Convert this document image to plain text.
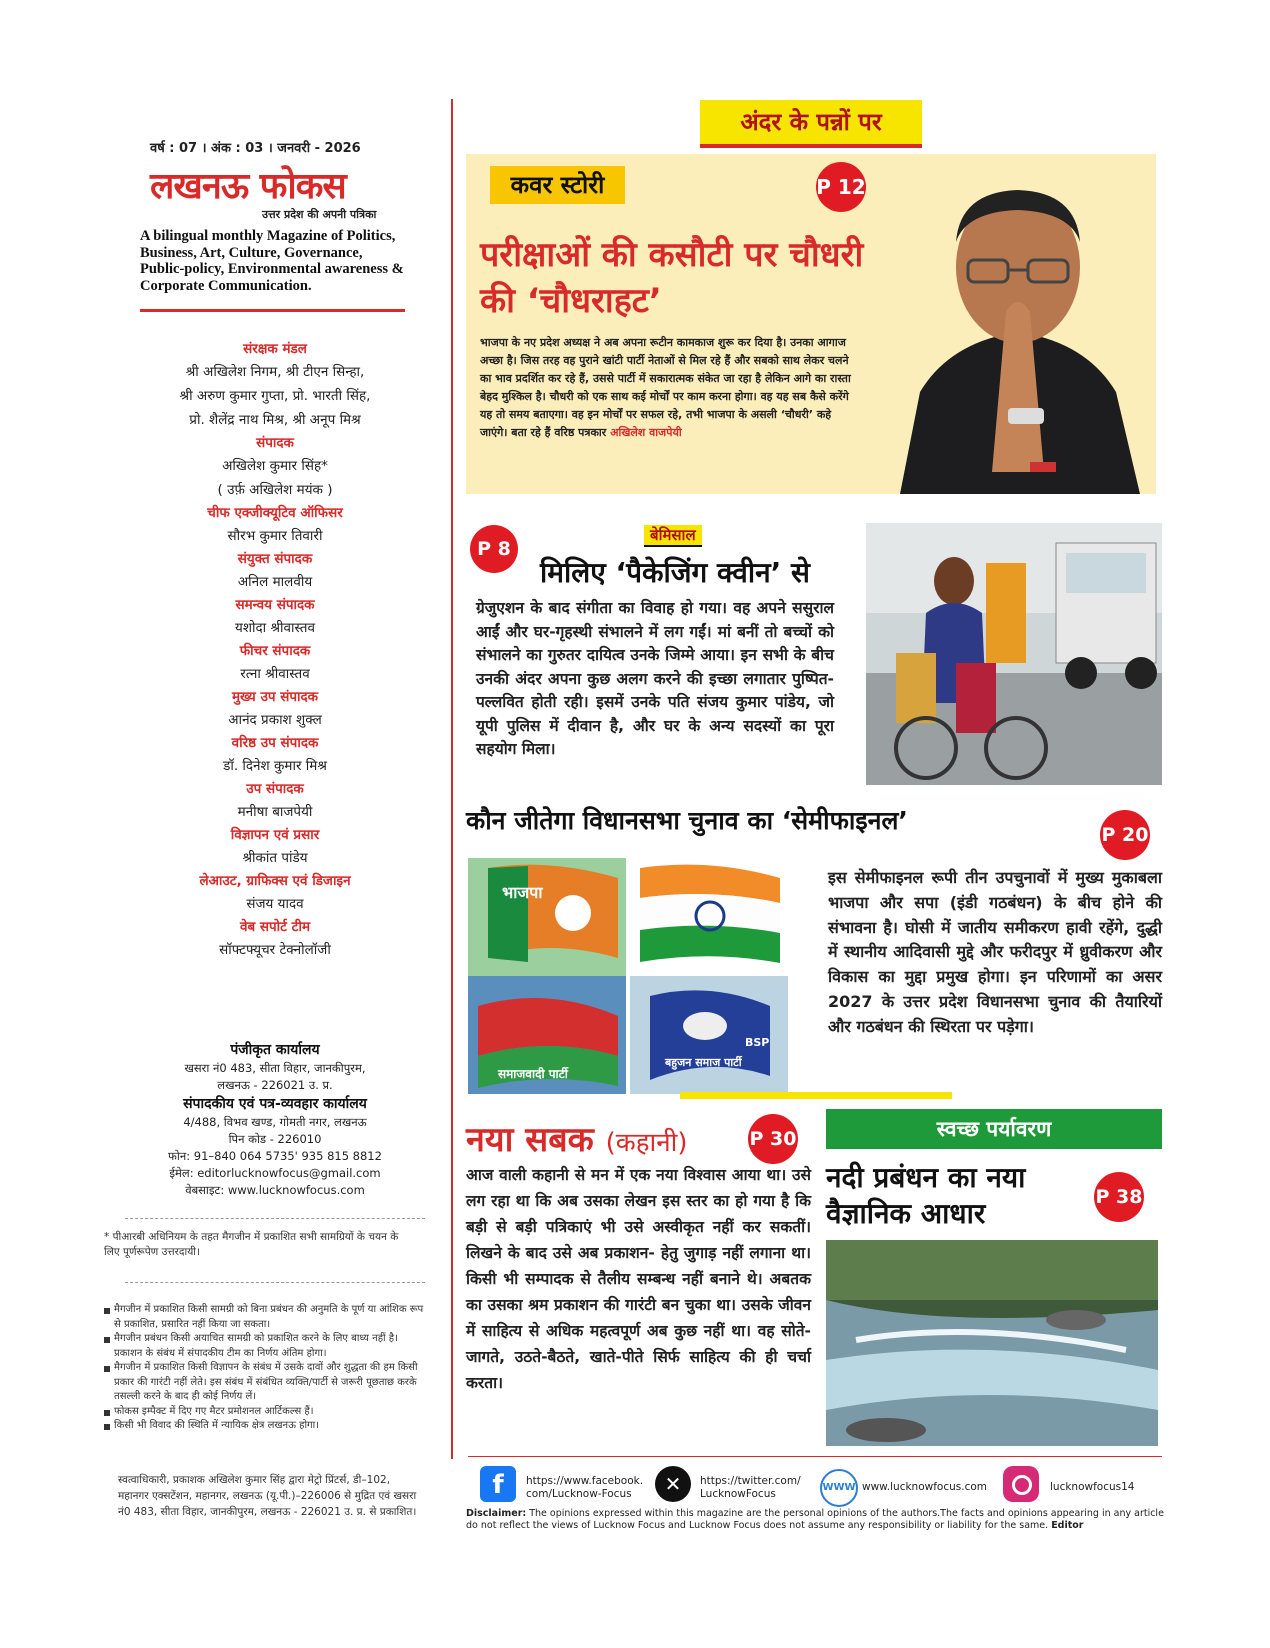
वर्ष : 07 । अंक : 03 । जनवरी - 2026
लखनऊ फोकस
उत्तर प्रदेश की अपनी पत्रिका
A bilingual monthly Magazine of Politics, Business, Art, Culture, Governance, Public-policy, Environmental awareness & Corporate Communication.
संरक्षक मंडल
श्री अखिलेश निगम, श्री टीएन सिन्हा,
श्री अरुण कुमार गुप्ता, प्रो. भारती सिंह,
प्रो. शैलेंद्र नाथ मिश्र, श्री अनूप मिश्र
संपादक
अखिलेश कुमार सिंह*
( उर्फ़ अखिलेश मयंक )
चीफ एक्जीक्यूटिव ऑफिसर
सौरभ कुमार तिवारी
संयुक्त संपादक
अनिल मालवीय
समन्वय संपादक
यशोदा श्रीवास्तव
फीचर संपादक
रत्ना श्रीवास्तव
मुख्य उप संपादक
आनंद प्रकाश शुक्ल
वरिष्ठ उप संपादक
डॉ. दिनेश कुमार मिश्र
उप संपादक
मनीषा बाजपेयी
विज्ञापन एवं प्रसार
श्रीकांत पांडेय
लेआउट, ग्राफिक्स एवं डिजाइन
संजय यादव
वेब सपोर्ट टीम
सॉफ्टफ्यूचर टेक्नोलॉजी
पंजीकृत कार्यालय
खसरा नं0 483, सीता विहार, जानकीपुरम,
लखनऊ - 226021 उ. प्र.
संपादकीय एवं पत्र-व्यवहार कार्यालय
4/488, विभव खण्ड, गोमती नगर, लखनऊ
पिन कोड - 226010
फोन: 91–840 064 5735' 935 815 8812
ईमेल: editorlucknowfocus@gmail.com
वेबसाइट: www.lucknowfocus.com
* पीआरबी अधिनियम के तहत मैगजीन में प्रकाशित सभी सामग्रियों के चयन के लिए पूर्णरूपेण उत्तरदायी।
मैगजीन में प्रकाशित किसी सामग्री को बिना प्रबंधन की अनुमति के पूर्ण या आंशिक रूप से प्रकाशित, प्रसारित नहीं किया जा सकता।
मैगजीन प्रबंधन किसी अयाचित सामग्री को प्रकाशित करने के लिए बाध्य नहीं है। प्रकाशन के संबंध में संपादकीय टीम का निर्णय अंतिम होगा।
मैगजीन में प्रकाशित किसी विज्ञापन के संबंध में उसके दावों और शुद्धता की हम किसी प्रकार की गारंटी नहीं लेते। इस संबंध में संबंधित व्यक्ति/पार्टी से जरूरी पूछताछ करके तसल्ली करने के बाद ही कोई निर्णय लें।
फोकस इम्पैक्ट में दिए गए मैटर प्रमोशनल आर्टिकल्स हैं।
किसी भी विवाद की स्थिति में न्यायिक क्षेत्र लखनऊ होगा।
स्वत्वाधिकारी, प्रकाशक अखिलेश कुमार सिंह द्वारा मेट्रो प्रिंटर्स, डी–102, महानगर एक्सटेंशन, महानगर, लखनऊ (यू.पी.)–226006 से मुद्रित एवं खसरा नं0 483, सीता विहार, जानकीपुरम, लखनऊ - 226021 उ. प्र. से प्रकाशित।
अंदर के पन्नों पर
कवर स्टोरी	P 12
परीक्षाओं की कसौटी पर चौधरी की ‘चौधराहट’
भाजपा के नए प्रदेश अध्यक्ष ने अब अपना रूटीन कामकाज शुरू कर दिया है। उनका आगाज अच्छा है। जिस तरह वह पुराने खांटी पार्टी नेताओं से मिल रहे हैं और सबको साथ लेकर चलने का भाव प्रदर्शित कर रहे हैं, उससे पार्टी में सकारात्मक संकेत जा रहा है लेकिन आगे का रास्ता बेहद मुश्किल है। चौधरी को एक साथ कई मोर्चों पर काम करना होगा। वह यह सब कैसे करेंगे यह तो समय बताएगा। वह इन मोर्चों पर सफल रहे, तभी भाजपा के असली ‘चौधरी’ कहे जाएंगे। बता रहे हैं वरिष्ठ पत्रकार अखिलेश वाजपेयी
बेमिसाल
P 8
मिलिए ‘पैकेजिंग क्वीन’ से
ग्रेजुएशन के बाद संगीता का विवाह हो गया। वह अपने ससुराल आईं और घर-गृहस्थी संभालने में लग गईं। मां बनीं तो बच्चों को संभालने का गुरुतर दायित्व उनके जिम्मे आया। इन सभी के बीच उनकी अंदर अपना कुछ अलग करने की इच्छा लगातार पुष्पित-पल्लवित होती रही। इसमें उनके पति संजय कुमार पांडेय, जो यूपी पुलिस में दीवान है, और घर के अन्य सदस्यों का पूरा सहयोग मिला।
कौन जीतेगा विधानसभा चुनाव का ‘सेमीफाइनल’	P 20
भाजपा
समाजवादी पार्टी
BSP
बहुजन समाज पार्टी
इस सेमीफाइनल रूपी तीन उपचुनावों में मुख्य मुकाबला भाजपा और सपा (इंडी गठबंधन) के बीच होने की संभावना है। घोसी में जातीय समीकरण हावी रहेंगे, दुद्धी में स्थानीय आदिवासी मुद्दे और फरीदपुर में ध्रुवीकरण और विकास का मुद्दा प्रमुख होगा। इन परिणामों का असर 2027 के उत्तर प्रदेश विधानसभा चुनाव की तैयारियों और गठबंधन की स्थिरता पर पड़ेगा।
नया सबक (कहानी)	P 30
आज वाली कहानी से मन में एक नया विश्वास आया था। उसे लग रहा था कि अब उसका लेखन इस स्तर का हो गया है कि बड़ी से बड़ी पत्रिकाएं भी उसे अस्वीकृत नहीं कर सकतीं। लिखने के बाद उसे अब प्रकाशन- हेतु जुगाड़ नहीं लगाना था। किसी भी सम्पादक से तैलीय सम्बन्ध नहीं बनाने थे। अबतक का उसका श्रम प्रकाशन की गारंटी बन चुका था। उसके जीवन में साहित्य से अधिक महत्वपूर्ण अब कुछ नहीं था। वह सोते-जागते, उठते-बैठते, खाते-पीते सिर्फ साहित्य की ही चर्चा करता।
स्वच्छ पर्यावरण
नदी प्रबंधन का नया वैज्ञानिक आधार	P 38
f	https://www.facebook. com/Lucknow-Focus	✕	https://twitter.com/ LucknowFocus
WWW www.lucknowfocus.com	lucknowfocus14
Disclaimer: The opinions expressed within this magazine are the personal opinions of the authors.The facts and opinions appearing in any article do not reflect the views of Lucknow Focus and Lucknow Focus does not assume any responsibility or liability for the same. Editor
